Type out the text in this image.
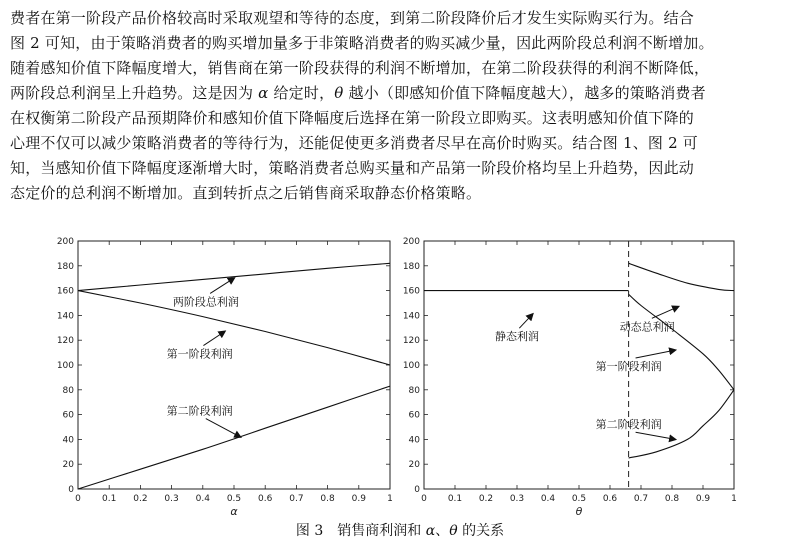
费者在第一阶段产品价格较高时采取观望和等待的态度，到第二阶段降价后才发生实际购买行为。结合
图 2 可知，由于策略消费者的购买增加量多于非策略消费者的购买减少量，因此两阶段总利润不断增加。
随着感知价值下降幅度增大，销售商在第一阶段获得的利润不断增加，在第二阶段获得的利润不断降低，
两阶段总利润呈上升趋势。这是因为 α 给定时，θ 越小（即感知价值下降幅度越大），越多的策略消费者
在权衡第二阶段产品预期降价和感知价值下降幅度后选择在第一阶段立即购买。这表明感知价值下降的
心理不仅可以减少策略消费者的等待行为，还能促使更多消费者尽早在高价时购买。结合图 1、图 2 可
知，当感知价值下降幅度逐渐增大时，策略消费者总购买量和产品第一阶段价格均呈上升趋势，因此动
态定价的总利润不断增加。直到转折点之后销售商采取静态价格策略。
0 0.1 0.2 0.3 0.4 0.5 0.6 0.7 0.8 0.9 1
0
20
40
60
80
100
120
140
160
180
200
α
两阶段总利润
第一阶段利润
第二阶段利润
0 0.1 0.2 0.3 0.4 0.5 0.6 0.7 0.8 0.9 1
0
20
40
60
80
100
120
140
160
180
200
θ
静态利润
动态总利润
第一阶段利润
第二阶段利润
图 3　销售商利润和 α、θ 的关系
